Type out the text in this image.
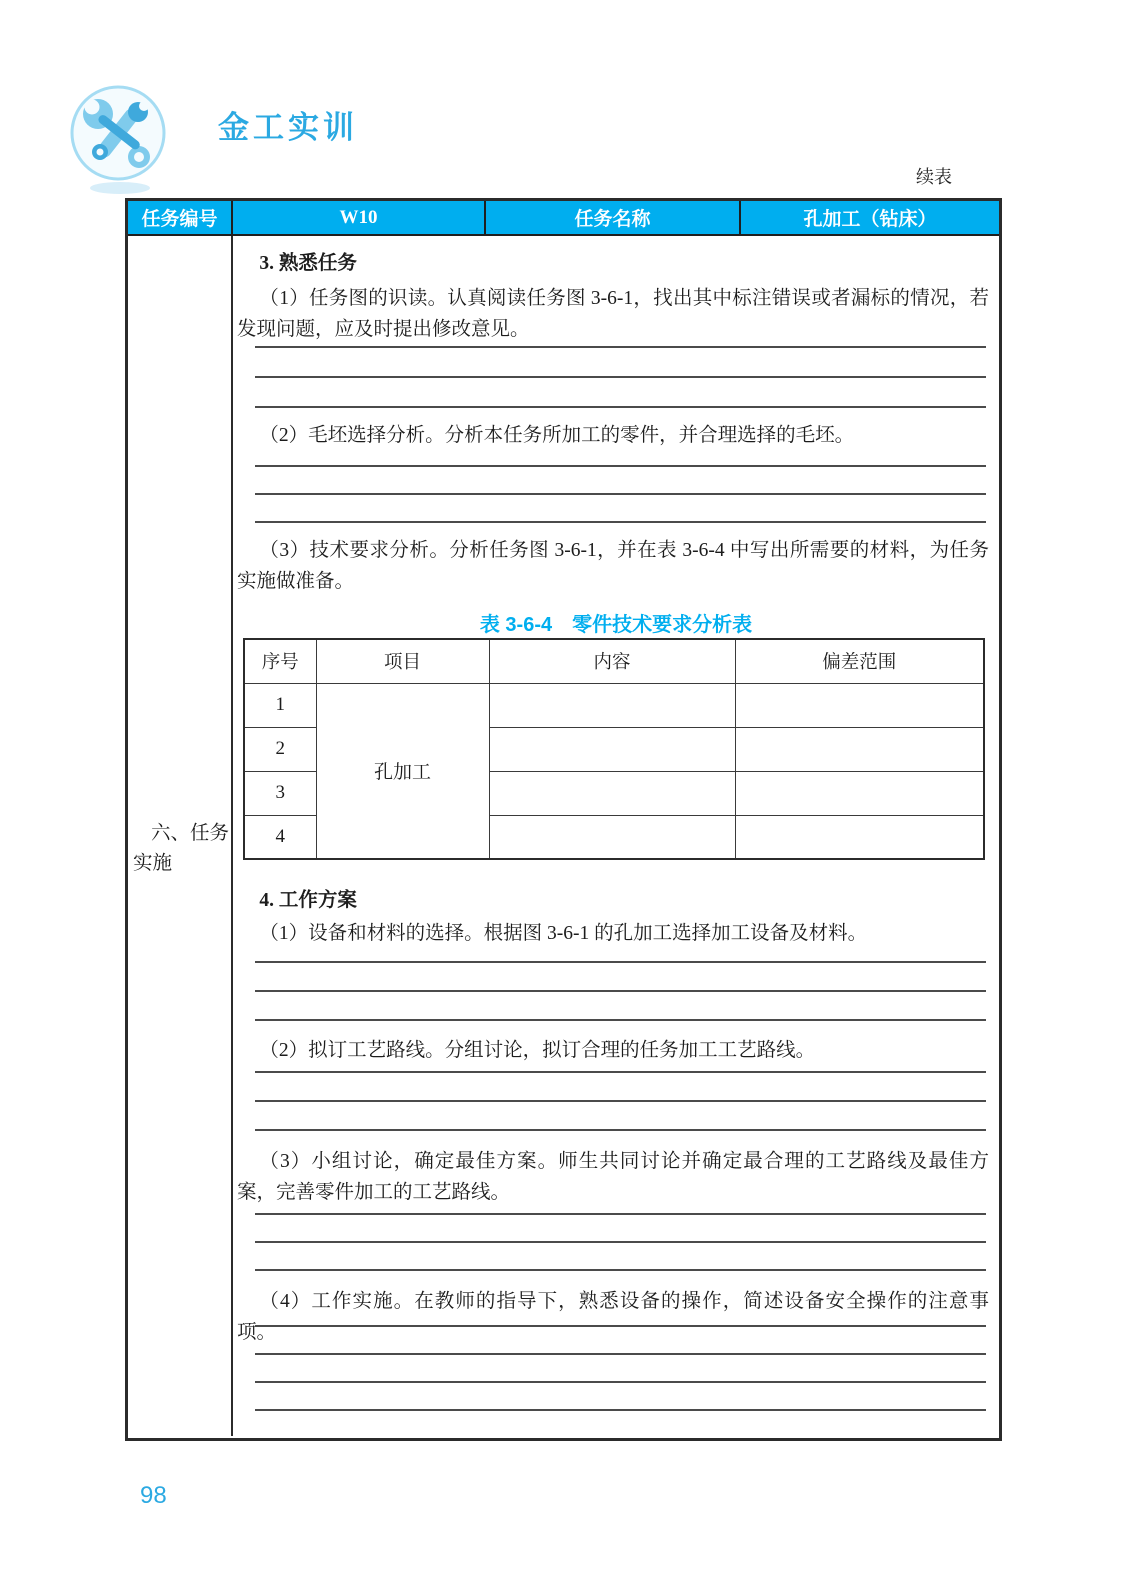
金工实训
续表
任务编号	W10	任务名称	孔加工（钻床）
六、任务实施
3. 熟悉任务
（1）任务图的识读。认真阅读任务图 3-6-1，找出其中标注错误或者漏标的情况，若发现问题，应及时提出修改意见。
（2）毛坯选择分析。分析本任务所加工的零件，并合理选择的毛坯。
（3）技术要求分析。分析任务图 3-6-1，并在表 3-6-4 中写出所需要的材料，为任务实施做准备。
表 3-6-4　零件技术要求分析表
序号	项目	内容	偏差范围
1	孔加工		
2			
3			
4			
4. 工作方案
（1）设备和材料的选择。根据图 3-6-1 的孔加工选择加工设备及材料。
（2）拟订工艺路线。分组讨论，拟订合理的任务加工工艺路线。
（3）小组讨论，确定最佳方案。师生共同讨论并确定最合理的工艺路线及最佳方案，完善零件加工的工艺路线。
（4）工作实施。在教师的指导下，熟悉设备的操作，简述设备安全操作的注意事项。
98
